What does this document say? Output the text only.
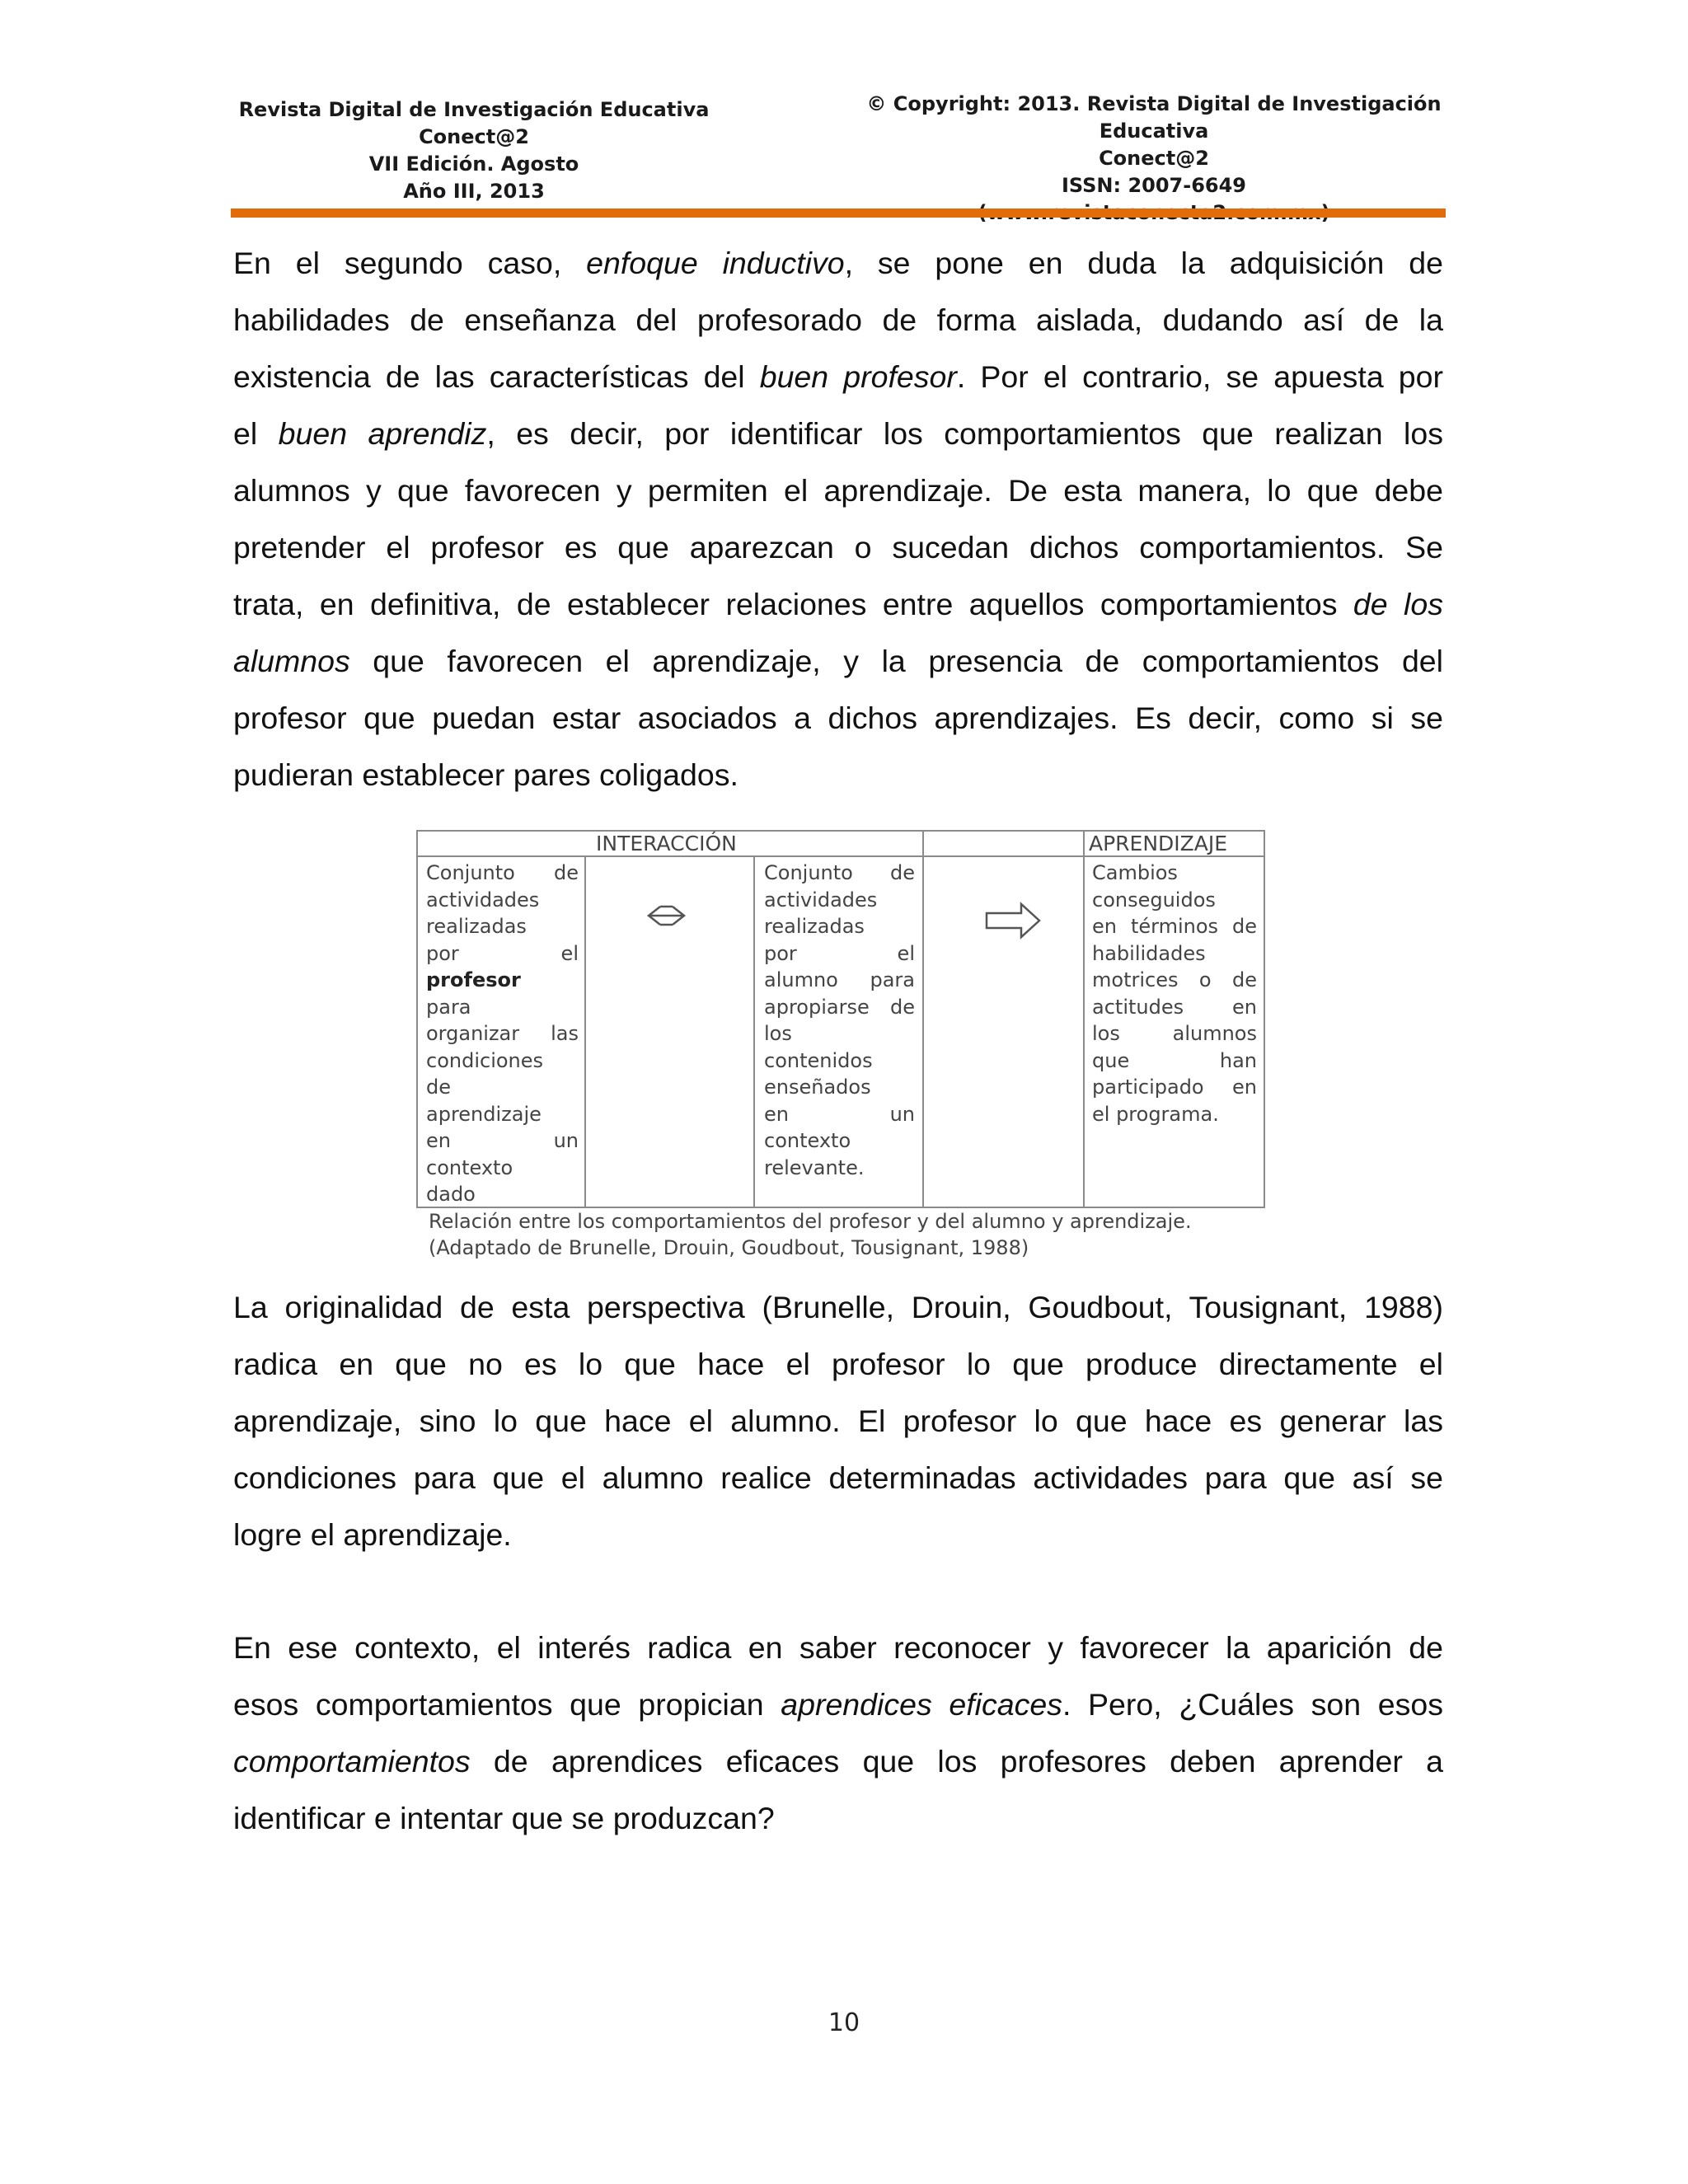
Revista Digital de Investigación Educativa
Conect@2
VII Edición. Agosto
Año III, 2013
© Copyright: 2013. Revista Digital de Investigación Educativa
Conect@2
ISSN: 2007-6649
En el segundo caso, enfoque inductivo, se pone en duda la adquisición de
habilidades de enseñanza del profesorado de forma aislada, dudando así de la
existencia de las características del buen profesor. Por el contrario, se apuesta por
el buen aprendiz, es decir, por identificar los comportamientos que realizan los
alumnos y que favorecen y permiten el aprendizaje. De esta manera, lo que debe
pretender el profesor es que aparezcan o sucedan dichos comportamientos. Se
trata, en definitiva, de establecer relaciones entre aquellos comportamientos de los
alumnos que favorecen el aprendizaje, y la presencia de comportamientos del
profesor que puedan estar asociados a dichos aprendizajes. Es decir, como si se
pudieran establecer pares coligados.
INTERACCIÓN	APRENDIZAJE
Conjunto de
actividades
realizadas
por el
profesor
para
organizar las
condiciones
de
aprendizaje
en un
contexto
dado
Conjunto de
actividades
realizadas
por el
alumno para
apropiarse de
los
contenidos
enseñados
en un
contexto
relevante.
Cambios
conseguidos
en términos de
habilidades
motrices o de
actitudes en
los alumnos
que han
participado en
el programa.
Relación entre los comportamientos del profesor y del alumno y aprendizaje.
(Adaptado de Brunelle, Drouin, Goudbout, Tousignant, 1988)
La originalidad de esta perspectiva (Brunelle, Drouin, Goudbout, Tousignant, 1988)
radica en que no es lo que hace el profesor lo que produce directamente el
aprendizaje, sino lo que hace el alumno. El profesor lo que hace es generar las
condiciones para que el alumno realice determinadas actividades para que así se
logre el aprendizaje.
En ese contexto, el interés radica en saber reconocer y favorecer la aparición de
esos comportamientos que propician aprendices eficaces. Pero, ¿Cuáles son esos
comportamientos de aprendices eficaces que los profesores deben aprender a
identificar e intentar que se produzcan?
10
